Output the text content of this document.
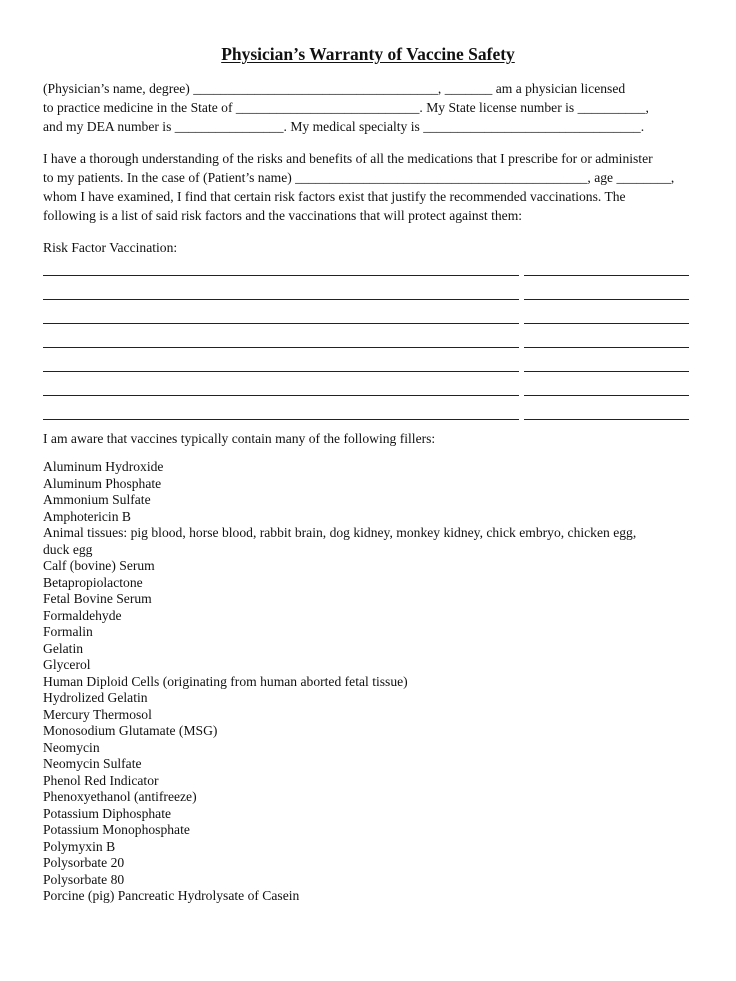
Physician’s Warranty of Vaccine Safety
(Physician’s name, degree) ____________________________________, _______ am a physician licensed
to practice medicine in the State of ___________________________. My State license number is __________,
and my DEA number is ________________. My medical specialty is ________________________________.
I have a thorough understanding of the risks and benefits of all the medications that I prescribe for or administer
to my patients. In the case of (Patient’s name) ___________________________________________, age ________,
whom I have examined, I find that certain risk factors exist that justify the recommended vaccinations. The
following is a list of said risk factors and the vaccinations that will protect against them:
Risk Factor Vaccination:
I am aware that vaccines typically contain many of the following fillers:
Aluminum Hydroxide
Aluminum Phosphate
Ammonium Sulfate
Amphotericin B
Animal tissues: pig blood, horse blood, rabbit brain, dog kidney, monkey kidney, chick embryo, chicken egg,
duck egg
Calf (bovine) Serum
Betapropiolactone
Fetal Bovine Serum
Formaldehyde
Formalin
Gelatin
Glycerol
Human Diploid Cells (originating from human aborted fetal tissue)
Hydrolized Gelatin
Mercury Thermosol
Monosodium Glutamate (MSG)
Neomycin
Neomycin Sulfate
Phenol Red Indicator
Phenoxyethanol (antifreeze)
Potassium Diphosphate
Potassium Monophosphate
Polymyxin B
Polysorbate 20
Polysorbate 80
Porcine (pig) Pancreatic Hydrolysate of Casein
